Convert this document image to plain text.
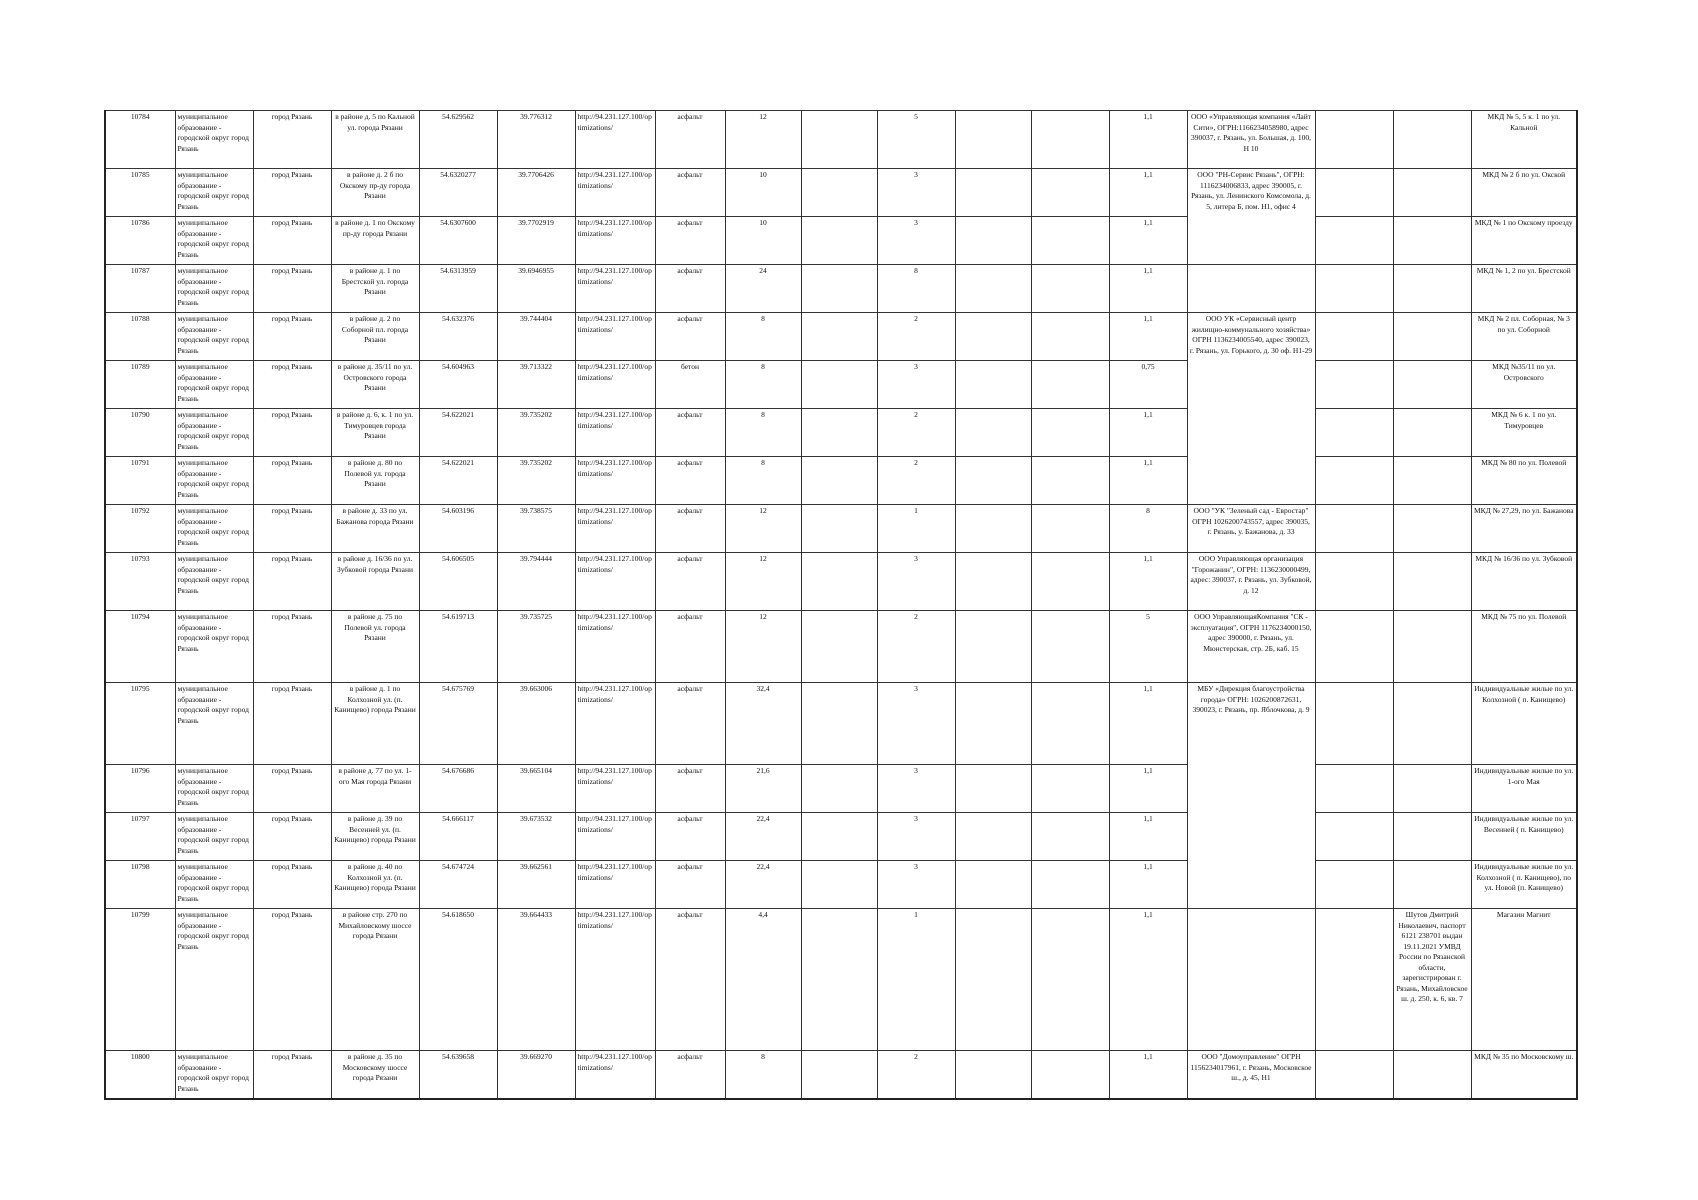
10784	муниципальное образование - городской округ город Рязань	город Рязань	в районе д. 5 по Кальной ул. города Рязани	54.629562	39.776312	http://94.231.127.100/optimizations/	асфальт	12		5			1,1	ООО «Управляющая компания «Лайт Сити», ОГРН:1166234058980, адрес 390037, г. Рязань, ул. Большая, д. 100, Н 10			МКД № 5, 5 к. 1 по ул. Кальной
10785	муниципальное образование - городской округ город Рязань	город Рязань	в районе д. 2 б по Окскому пр-ду города Рязани	54.6320277	39.7706426	http://94.231.127.100/optimizations/	асфальт	10		3			1,1	ООО "РН-Сервис Рязань", ОГРН: 1116234006833, адрес 390005, г. Рязань, ул. Ленинского Комсомола, д. 5, литера Б, пом. Н1, офис 4			МКД № 2 б по ул. Окской
10786	муниципальное образование - городской округ город Рязань	город Рязань	в районе д. 1 по Окскому пр-ду города Рязани	54.6307600	39.7702919	http://94.231.127.100/optimizations/	асфальт	10		3			1,1				МКД № 1 по Окскому проезду
10787	муниципальное образование - городской округ город Рязань	город Рязань	в районе д. 1 по Брестской ул. города Рязани	54.6313959	39.6946955	http://94.231.127.100/optimizations/	асфальт	24		8			1,1				МКД № 1, 2 по ул. Брестской
10788	муниципальное образование - городской округ город Рязань	город Рязань	в районе д. 2 по Соборной пл. города Рязани	54.632376	39.744404	http://94.231.127.100/optimizations/	асфальт	8		2			1,1	ООО УК «Сервисный центр жилищно-коммунального хозяйства» ОГРН 1136234005540, адрес 390023, г. Рязань, ул. Горького, д. 30 оф. Н1-29			МКД № 2 пл. Соборная, № 3 по ул. Соборной
10789	муниципальное образование - городской округ город Рязань	город Рязань	в районе д. 35/11 по ул. Островского города Рязани	54.604963	39.713322	http://94.231.127.100/optimizations/	бетон	8		3			0,75				МКД №35/11 по ул. Островского
10790	муниципальное образование - городской округ город Рязань	город Рязань	в районе д. 6, к. 1 по ул. Тимуровцев города Рязани	54.622021	39.735202	http://94.231.127.100/optimizations/	асфальт	8		2			1,1				МКД № 6 к. 1 по ул. Тимуровцев
10791	муниципальное образование - городской округ город Рязань	город Рязань	в районе д. 80 по Полевой ул. города Рязани	54.622021	39.735202	http://94.231.127.100/optimizations/	асфальт	8		2			1,1				МКД № 80 по ул. Полевой
10792	муниципальное образование - городской округ город Рязань	город Рязань	в районе д. 33 по ул. Бажанова города Рязани	54.603196	39.738575	http://94.231.127.100/optimizations/	асфальт	12		1			8	ООО "УК "Зеленый сад - Евростар" ОГРН 1026200743557, адрес 390035, г. Рязань, у. Бажанова, д. 33			МКД № 27,29, по ул. Бажанова
10793	муниципальное образование - городской округ город Рязань	город Рязань	в районе д. 16/36 по ул. Зубковой города Рязани	54.606505	39.794444	http://94.231.127.100/optimizations/	асфальт	12		3			1,1	ООО Управляющая организация "Горожанин", ОГРН: 1136230000499, адрес: 390037, г. Рязань, ул. Зубковой, д. 12			МКД № 16/36 по ул. Зубковой
10794	муниципальное образование - городской округ город Рязань	город Рязань	в районе д. 75 по Полевой ул. города Рязани	54.619713	39.735725	http://94.231.127.100/optimizations/	асфальт	12		2			5	ООО УправляющаяКомпания "СК - эксплуатация", ОГРН 1176234000150, адрес 390000, г. Рязань, ул. Мюнстерская, стр. 2Б, каб. 15			МКД № 75 по ул. Полевой
10795	муниципальное образование - городской округ город Рязань	город Рязань	в районе д. 1 по Колхозной ул. (п. Канищево) города Рязани	54.675769	39.663006	http://94.231.127.100/optimizations/	асфальт	32,4		3			1,1	МБУ «Дирекция благоустройства города» ОГРН: 1026200872631, 390023, г. Рязань, пр. Яблочкова, д. 9			Индивидуальные жилые по ул. Колхозной ( п. Канищево)
10796	муниципальное образование - городской округ город Рязань	город Рязань	в районе д. 77 по ул. 1-ого Мая города Рязани	54.676686	39.665104	http://94.231.127.100/optimizations/	асфальт	21,6		3			1,1				Индивидуальные жилые по ул. 1-ого Мая
10797	муниципальное образование - городской округ город Рязань	город Рязань	в районе д. 39 по Весенней ул. (п. Канищево) города Рязани	54.666117	39.673532	http://94.231.127.100/optimizations/	асфальт	22,4		3			1,1				Индивидуальные жилые по ул. Весенней ( п. Канищево)
10798	муниципальное образование - городской округ город Рязань	город Рязань	в районе д. 40 по Колхозной ул. (п. Канищево) города Рязани	54.674724	39.662561	http://94.231.127.100/optimizations/	асфальт	22,4		3			1,1				Индивидуальные жилые по ул. Колхозной ( п. Канищево), по ул. Новой (п. Канищево)
10799	муниципальное образование - городской округ город Рязань	город Рязань	в районе стр. 270 по Михайловскому шоссе города Рязани	54.618650	39.664433	http://94.231.127.100/optimizations/	асфальт	4,4		1			1,1			Шутов Дмитрий Николаевич, паспорт 6121 238701 выдан 19.11.2021 УМВД России по Рязанской области, зарегистрирован г. Рязань, Михайловское ш. д. 250, к. 6, кв. 7	Магазин Магнит
10800	муниципальное образование - городской округ город Рязань	город Рязань	в районе д. 35 по Московскому шоссе города Рязани	54.639658	39.669270	http://94.231.127.100/optimizations/	асфальт	8		2			1,1	ООО "Домоуправление" ОГРН 1156234017961, г. Рязань, Московское ш., д. 45, Н1			МКД № 35 по Московскому ш.
